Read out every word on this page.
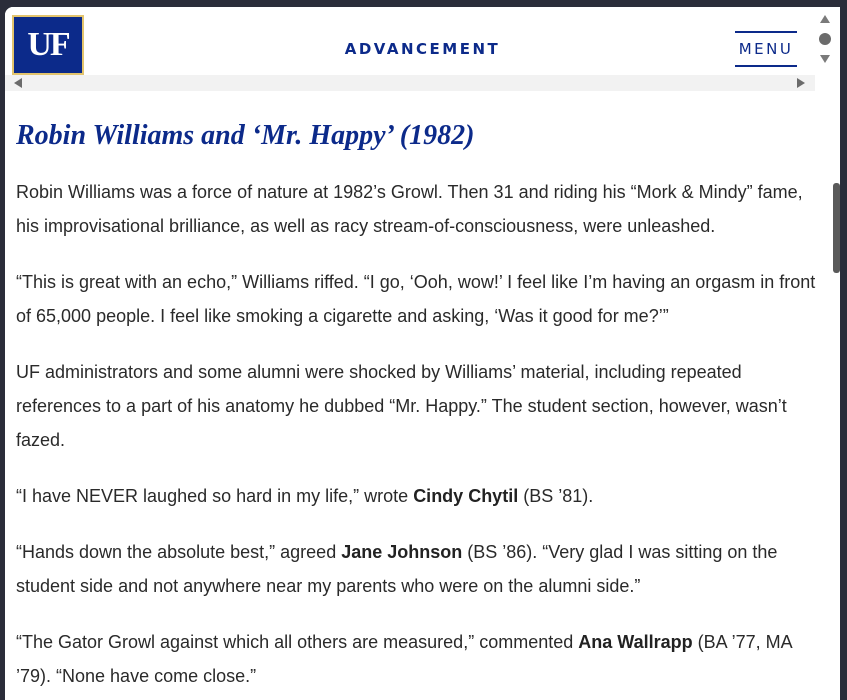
UF	ADVANCEMENT	MENU
Robin Williams and ‘Mr. Happy’ (1982)

Robin Williams was a force of nature at 1982’s Growl. Then 31 and riding his “Mork & Mindy” fame, his improvisational brilliance, as well as racy stream-of-consciousness, were unleashed.

“This is great with an echo,” Williams riffed. “I go, ‘Ooh, wow!’ I feel like I’m having an orgasm in front of 65,000 people. I feel like smoking a cigarette and asking, ‘Was it good for me?’”

UF administrators and some alumni were shocked by Williams’ material, including repeated references to a part of his anatomy he dubbed “Mr. Happy.” The student section, however, wasn’t fazed.

“I have NEVER laughed so hard in my life,” wrote Cindy Chytil (BS ’81).

“Hands down the absolute best,” agreed Jane Johnson (BS ’86). “Very glad I was sitting on the student side and not anywhere near my parents who were on the alumni side.”

“The Gator Growl against which all others are measured,” commented Ana Wallrapp (BA ’77, MA ’79). “None have come close.”
